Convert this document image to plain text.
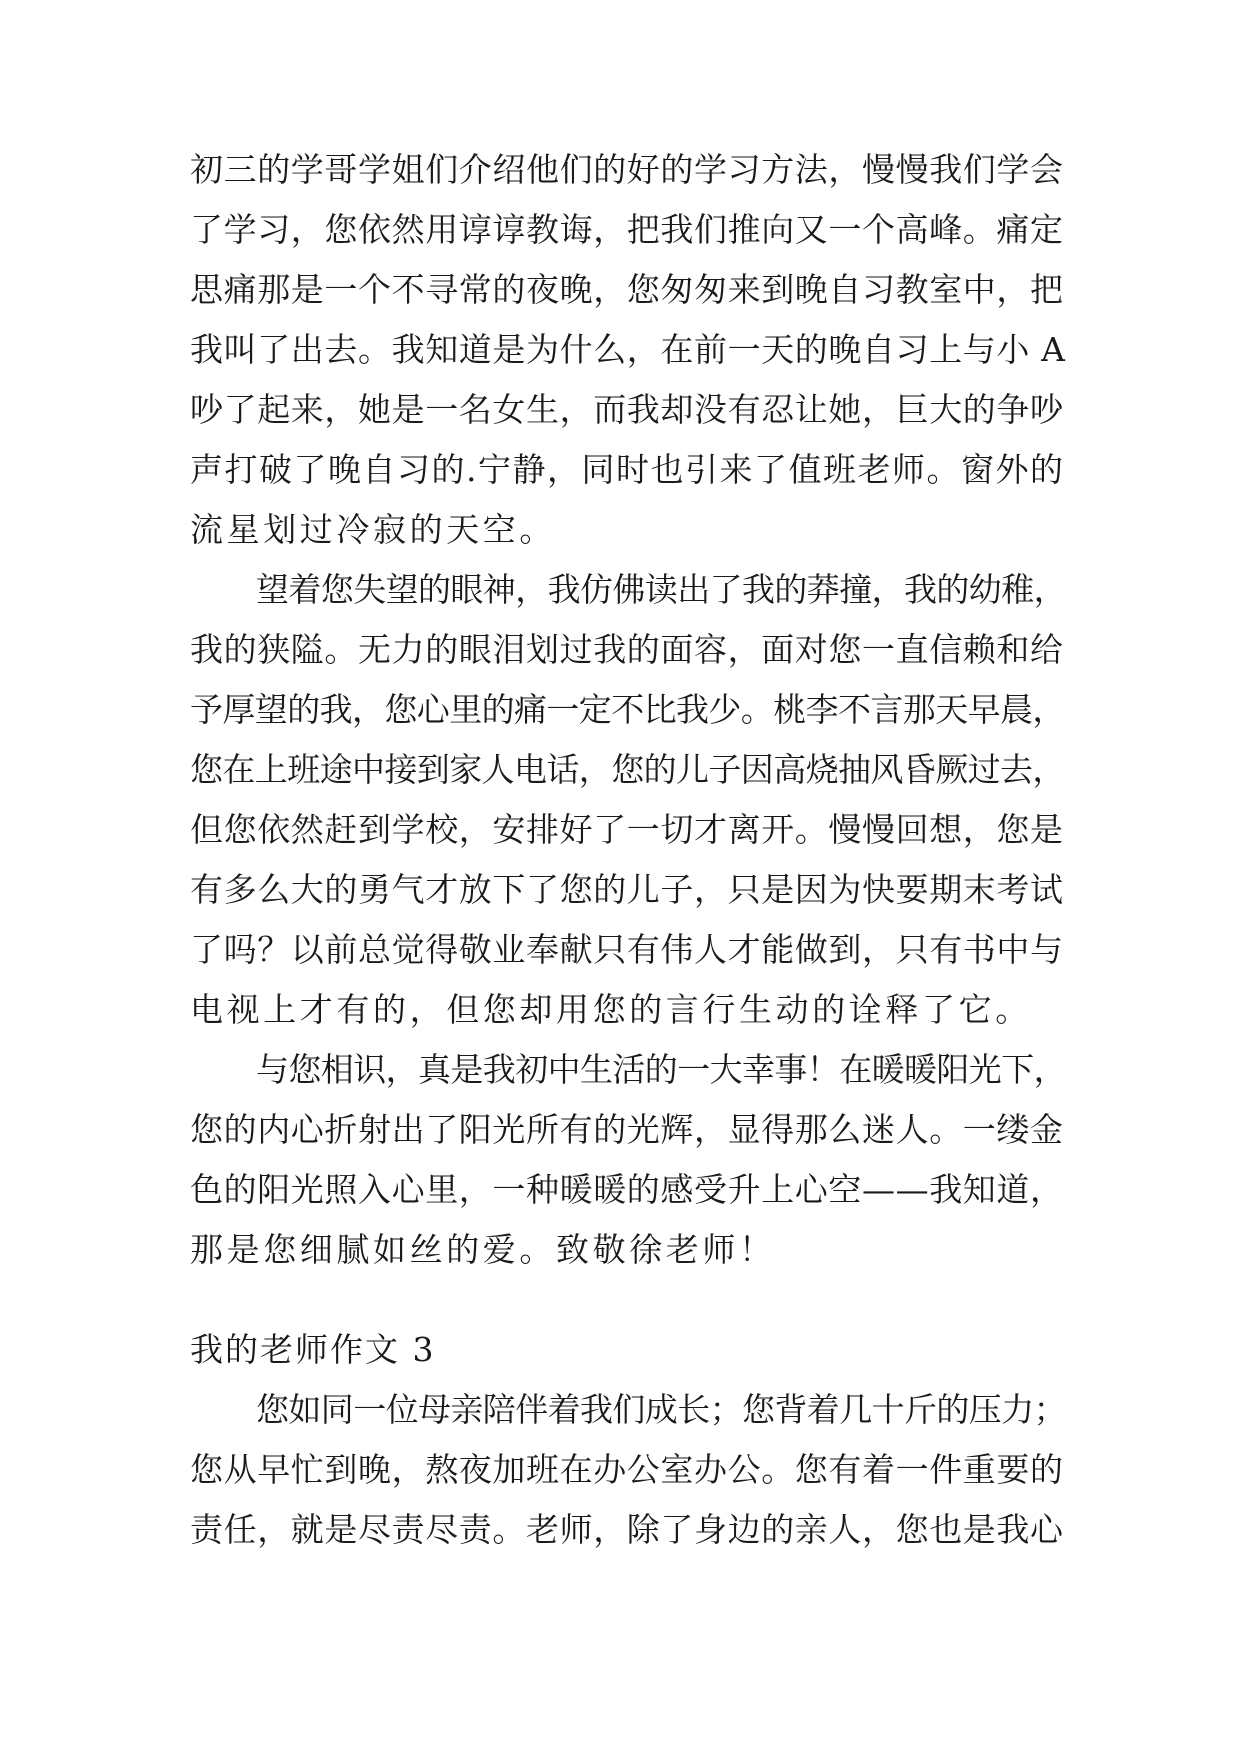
初三的学哥学姐们介绍他们的好的学习方法，慢慢我们学会
了学习，您依然用谆谆教诲，把我们推向又一个高峰。痛定
思痛那是一个不寻常的夜晚，您匆匆来到晚自习教室中，把
我叫了出去。我知道是为什么，在前一天的晚自习上与小 A
吵了起来，她是一名女生，而我却没有忍让她，巨大的争吵
声打破了晚自习的.宁静，同时也引来了值班老师。窗外的
流星划过冷寂的天空。
望着您失望的眼神，我仿佛读出了我的莽撞，我的幼稚，
我的狭隘。无力的眼泪划过我的面容，面对您一直信赖和给
予厚望的我，您心里的痛一定不比我少。桃李不言那天早晨，
您在上班途中接到家人电话，您的儿子因高烧抽风昏厥过去，
但您依然赶到学校，安排好了一切才离开。慢慢回想，您是
有多么大的勇气才放下了您的儿子，只是因为快要期末考试
了吗？以前总觉得敬业奉献只有伟人才能做到，只有书中与
电视上才有的，但您却用您的言行生动的诠释了它。
与您相识，真是我初中生活的一大幸事！在暖暖阳光下，
您的内心折射出了阳光所有的光辉，显得那么迷人。一缕金
色的阳光照入心里，一种暖暖的感受升上心空——我知道，
那是您细腻如丝的爱。致敬徐老师！
我的老师作文 3
您如同一位母亲陪伴着我们成长；您背着几十斤的压力；
您从早忙到晚，熬夜加班在办公室办公。您有着一件重要的
责任，就是尽责尽责。老师，除了身边的亲人，您也是我心
